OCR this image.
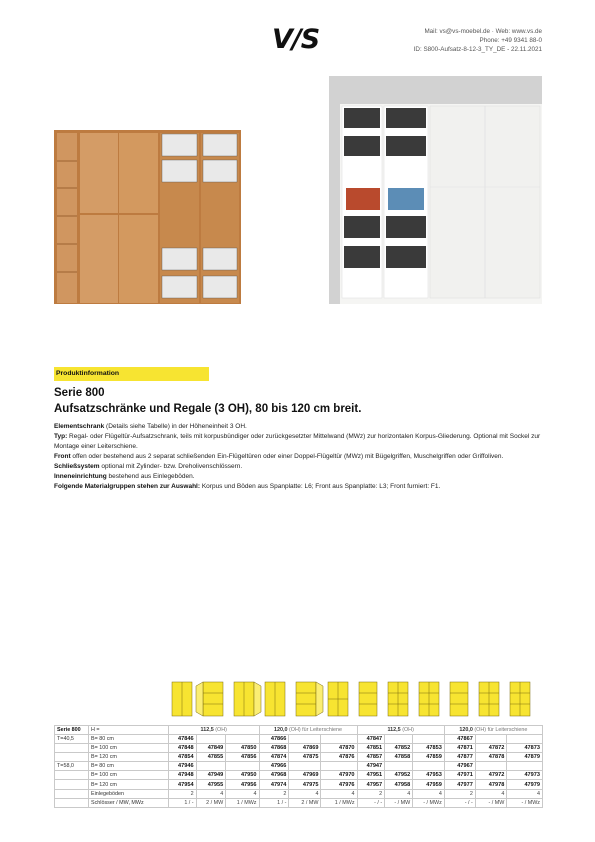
V/S	Mail: vs@vs-moebel.de · Web: www.vs.de
Phone: +49 9341 88-0
ID: S800-Aufsatz-8-12-3_TY_DE - 22.11.2021
Produktinformation
Serie 800
Aufsatzschränke und Regale (3 OH), 80 bis 120 cm breit.

Elementschrank (Details siehe Tabelle) in der Höheneinheit 3 OH.

Typ: Regal- oder Flügeltür-Aufsatzschrank, teils mit korpusbündiger oder zurückgesetzter Mittelwand (MWz) zur horizontalen Korpus-Gliederung. Optional mit Sockel zur Montage einer Leiterschiene.

Front offen oder bestehend aus 2 separat schließenden Ein-Flügeltüren oder einer Doppel-Flügeltür (MWz) mit Bügelgriffen, Muschelgriffen oder Griffoliven.

Schließsystem optional mit Zylinder- bzw. Dreholivenschlössern.

Inneneinrichtung bestehend aus Einlegeböden.

Folgende Materialgruppen stehen zur Auswahl: Korpus und Böden aus Spanplatte: L6; Front aus Spanplatte: L3; Front furniert: F1.

Serie 800	H =	112,5 (OH)			120,0 (OH) für Leiterschiene			112,5 (OH)			120,0 (OH) für Leiterschiene		
T=40,5	B= 80 cm	47846			47866			47847			47867		
	B= 100 cm	47848	47849	47850	47868	47869	47870	47851	47852	47853	47871	47872	47873
	B= 120 cm	47854	47855	47856	47874	47875	47876	47857	47858	47859	47877	47878	47879
T=58,0	B= 80 cm	47946			47966			47947			47967		
	B= 100 cm	47948	47949	47950	47968	47969	47970	47951	47952	47953	47971	47972	47973
	B= 120 cm	47954	47955	47956	47974	47975	47976	47957	47958	47959	47977	47978	47979
	Einlegeböden	2	4	4	2	4	4	2	4	4	2	4	4
	Schlösser / MW, MWz	1 / -	2 / MW	1 / MWz	1 / -	2 / MW	1 / MWz	- / -	- / MW	- / MWz	- / -	- / MW	- / MWz
